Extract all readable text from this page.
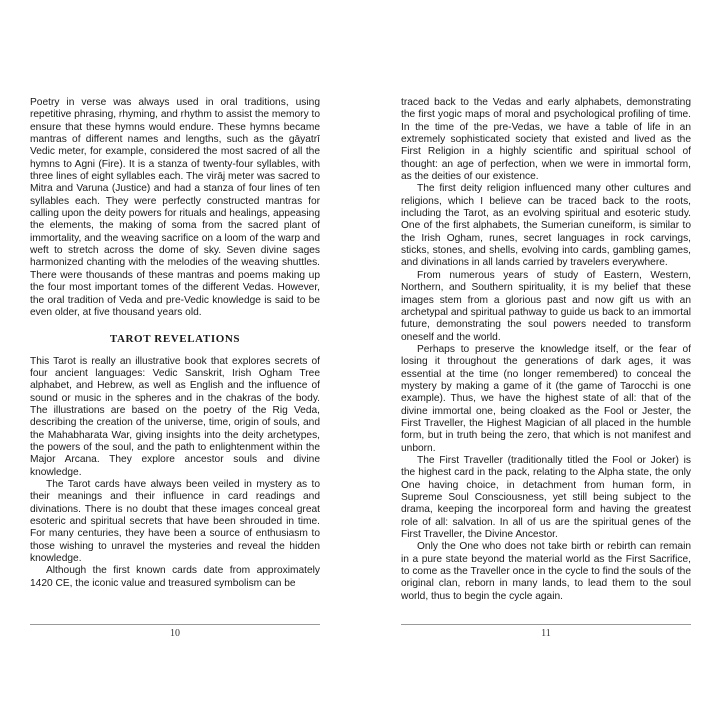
Poetry in verse was always used in oral traditions, using repetitive phrasing, rhyming, and rhythm to assist the memory to ensure that these hymns would endure. These hymns became mantras of different names and lengths, such as the gāyatrī Vedic meter, for example, considered the most sacred of all the hymns to Agni (Fire). It is a stanza of twenty-four syllables, with three lines of eight syllables each. The virāj meter was sacred to Mitra and Varuna (Justice) and had a stanza of four lines of ten syllables each. They were perfectly constructed mantras for calling upon the deity powers for rituals and healings, appeasing the elements, the making of soma from the sacred plant of immortality, and the weaving sacrifice on a loom of the warp and weft to stretch across the dome of sky. Seven divine sages harmonized chanting with the melodies of the weaving shuttles. There were thousands of these mantras and poems making up the four most important tomes of the different Vedas. However, the oral tradition of Veda and pre-Vedic knowledge is said to be even older, at five thousand years old.

TAROT REVELATIONS

This Tarot is really an illustrative book that explores secrets of four ancient languages: Vedic Sanskrit, Irish Ogham Tree alphabet, and Hebrew, as well as English and the influence of sound or music in the spheres and in the chakras of the body. The illustrations are based on the poetry of the Rig Veda, describing the creation of the universe, time, origin of souls, and the Mahabharata War, giving insights into the deity archetypes, the powers of the soul, and the path to enlightenment within the Major Arcana. They explore ancestor souls and divine knowledge.

The Tarot cards have always been veiled in mystery as to their meanings and their influence in card readings and divinations. There is no doubt that these images conceal great esoteric and spiritual secrets that have been shrouded in time. For many centuries, they have been a source of enthusiasm to those wishing to unravel the mysteries and reveal the hidden knowledge.

Although the first known cards date from approximately 1420 CE, the iconic value and treasured symbolism can be

traced back to the Vedas and early alphabets, demonstrating the first yogic maps of moral and psychological profiling of time. In the time of the pre-Vedas, we have a table of life in an extremely sophisticated society that existed and lived as the First Religion in a highly scientific and spiritual school of thought: an age of perfection, when we were in immortal form, as the deities of our existence.

The first deity religion influenced many other cultures and religions, which I believe can be traced back to the roots, including the Tarot, as an evolving spiritual and esoteric study. One of the first alphabets, the Sumerian cuneiform, is similar to the Irish Ogham, runes, secret languages in rock carvings, sticks, stones, and shells, evolving into cards, gambling games, and divinations in all lands carried by travelers everywhere.

From numerous years of study of Eastern, Western, Northern, and Southern spirituality, it is my belief that these images stem from a glorious past and now gift us with an archetypal and spiritual pathway to guide us back to an immortal future, demonstrating the soul powers needed to transform oneself and the world.

Perhaps to preserve the knowledge itself, or the fear of losing it throughout the generations of dark ages, it was essential at the time (no longer remembered) to conceal the mystery by making a game of it (the game of Tarocchi is one example). Thus, we have the highest state of all: that of the divine immortal one, being cloaked as the Fool or Jester, the First Traveller, the Highest Magician of all placed in the humble form, but in truth being the zero, that which is not manifest and unborn.

The First Traveller (traditionally titled the Fool or Joker) is the highest card in the pack, relating to the Alpha state, the only One having choice, in detachment from human form, in Supreme Soul Consciousness, yet still being subject to the drama, keeping the incorporeal form and having the greatest role of all: salvation. In all of us are the spiritual genes of the First Traveller, the Divine Ancestor.

Only the One who does not take birth or rebirth can remain in a pure state beyond the material world as the First Sacrifice, to come as the Traveller once in the cycle to find the souls of the original clan, reborn in many lands, to lead them to the soul world, thus to begin the cycle again.

10	11
